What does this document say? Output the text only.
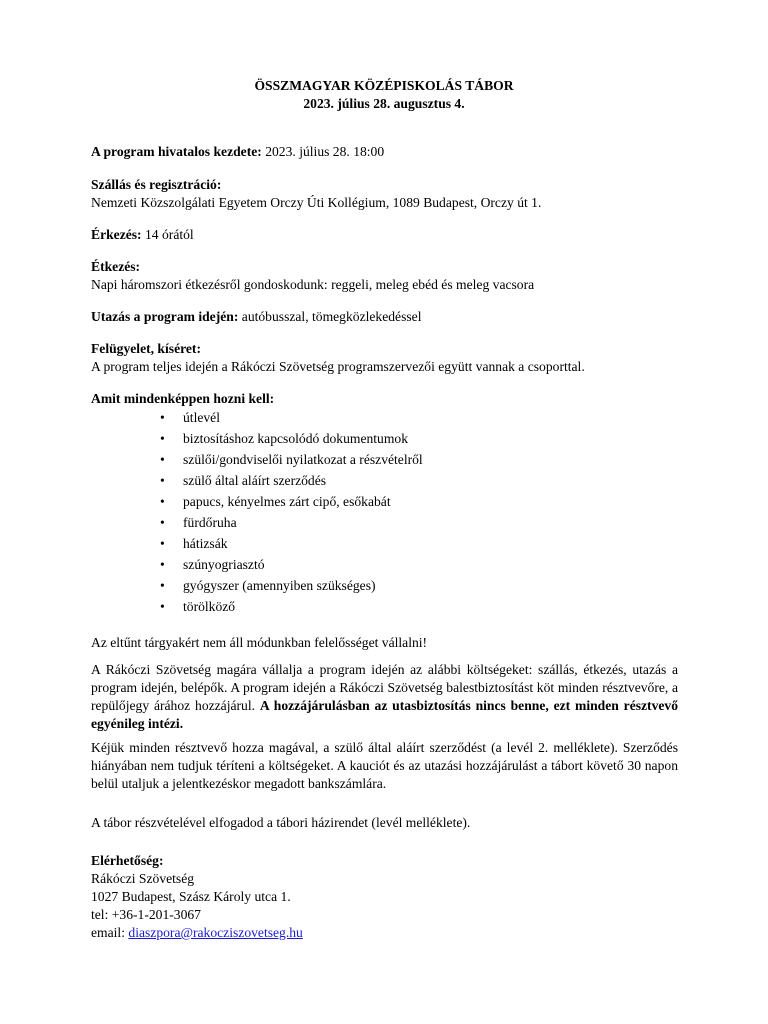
ÖSSZMAGYAR KÖZÉPISKOLÁS TÁBOR
2023. július 28. augusztus 4.
A program hivatalos kezdete: 2023. július 28. 18:00
Szállás és regisztráció:
Nemzeti Közszolgálati Egyetem Orczy Úti Kollégium, 1089 Budapest, Orczy út 1.
Érkezés: 14 órától
Étkezés:
Napi háromszori étkezésről gondoskodunk: reggeli, meleg ebéd és meleg vacsora
Utazás a program idején: autóbusszal, tömegközlekedéssel
Felügyelet, kíséret:
A program teljes idején a Rákóczi Szövetség programszervezői együtt vannak a csoporttal.
Amit mindenképpen hozni kell:
• útlevél
• biztosításhoz kapcsolódó dokumentumok
• szülői/gondviselői nyilatkozat a részvételről
• szülő által aláírt szerződés
• papucs, kényelmes zárt cipő, esőkabát
• fürdőruha
• hátizsák
• szúnyogriasztó
• gyógyszer (amennyiben szükséges)
• törölköző
Az eltűnt tárgyakért nem áll módunkban felelősséget vállalni!
A Rákóczi Szövetség magára vállalja a program idején az alábbi költségeket: szállás, étkezés, utazás a program idején, belépők. A program idején a Rákóczi Szövetség balestbiztosítást köt minden résztvevőre, a repülőjegy árához hozzájárul. A hozzájárulásban az utasbiztosítás nincs benne, ezt minden résztvevő egyénileg intézi.
Kéjük minden résztvevő hozza magával, a szülő által aláírt szerződést (a levél 2. melléklete). Szerződés hiányában nem tudjuk téríteni a költségeket. A kauciót és az utazási hozzájárulást a tábort követő 30 napon belül utaljuk a jelentkezéskor megadott bankszámlára.
A tábor részvételével elfogadod a tábori házirendet (levél melléklete).
Elérhetőség:
Rákóczi Szövetség
1027 Budapest, Szász Károly utca 1.
tel: +36-1-201-3067
email: diaszpora@rakocziszovetseg.hu
